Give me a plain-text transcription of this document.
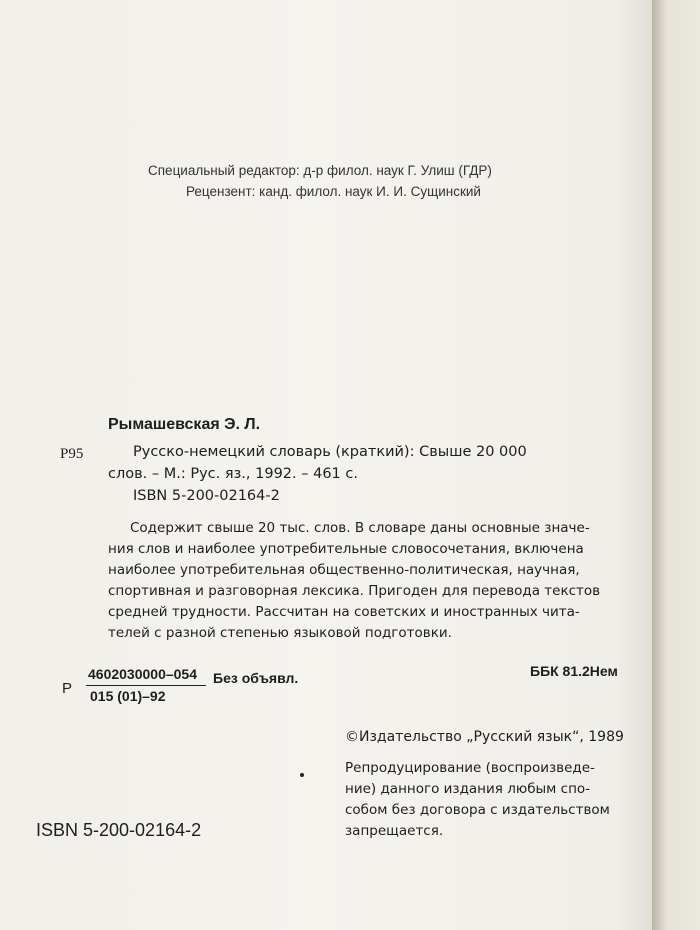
Специальный редактор: д-р филол. наук Г. Улиш (ГДР)
Рецензент: канд. филол. наук И. И. Сущинский
Рымашевская Э. Л.
Р95	Русско-немецкий словарь (краткий): Свыше 20 000
слов. – М.: Рус. яз., 1992. – 461 с.
ISBN 5-200-02164-2
Содержит свыше 20 тыс. слов. В словаре даны основные значе-
ния слов и наиболее употребительные словосочетания, включена
наиболее употребительная общественно-политическая, научная,
спортивная и разговорная лексика. Пригоден для перевода текстов
средней трудности. Рассчитан на советских и иностранных чита-
телей с разной степенью языковой подготовки.
Р
4602030000–054
015 (01)–92
Без объявл.	ББК 81.2Нем
©Издательство „Русский язык“, 1989
Репродуцирование (воспроизведе-
ние) данного издания любым спо-
собом без договора с издательством
запрещается.
ISBN 5-200-02164-2
